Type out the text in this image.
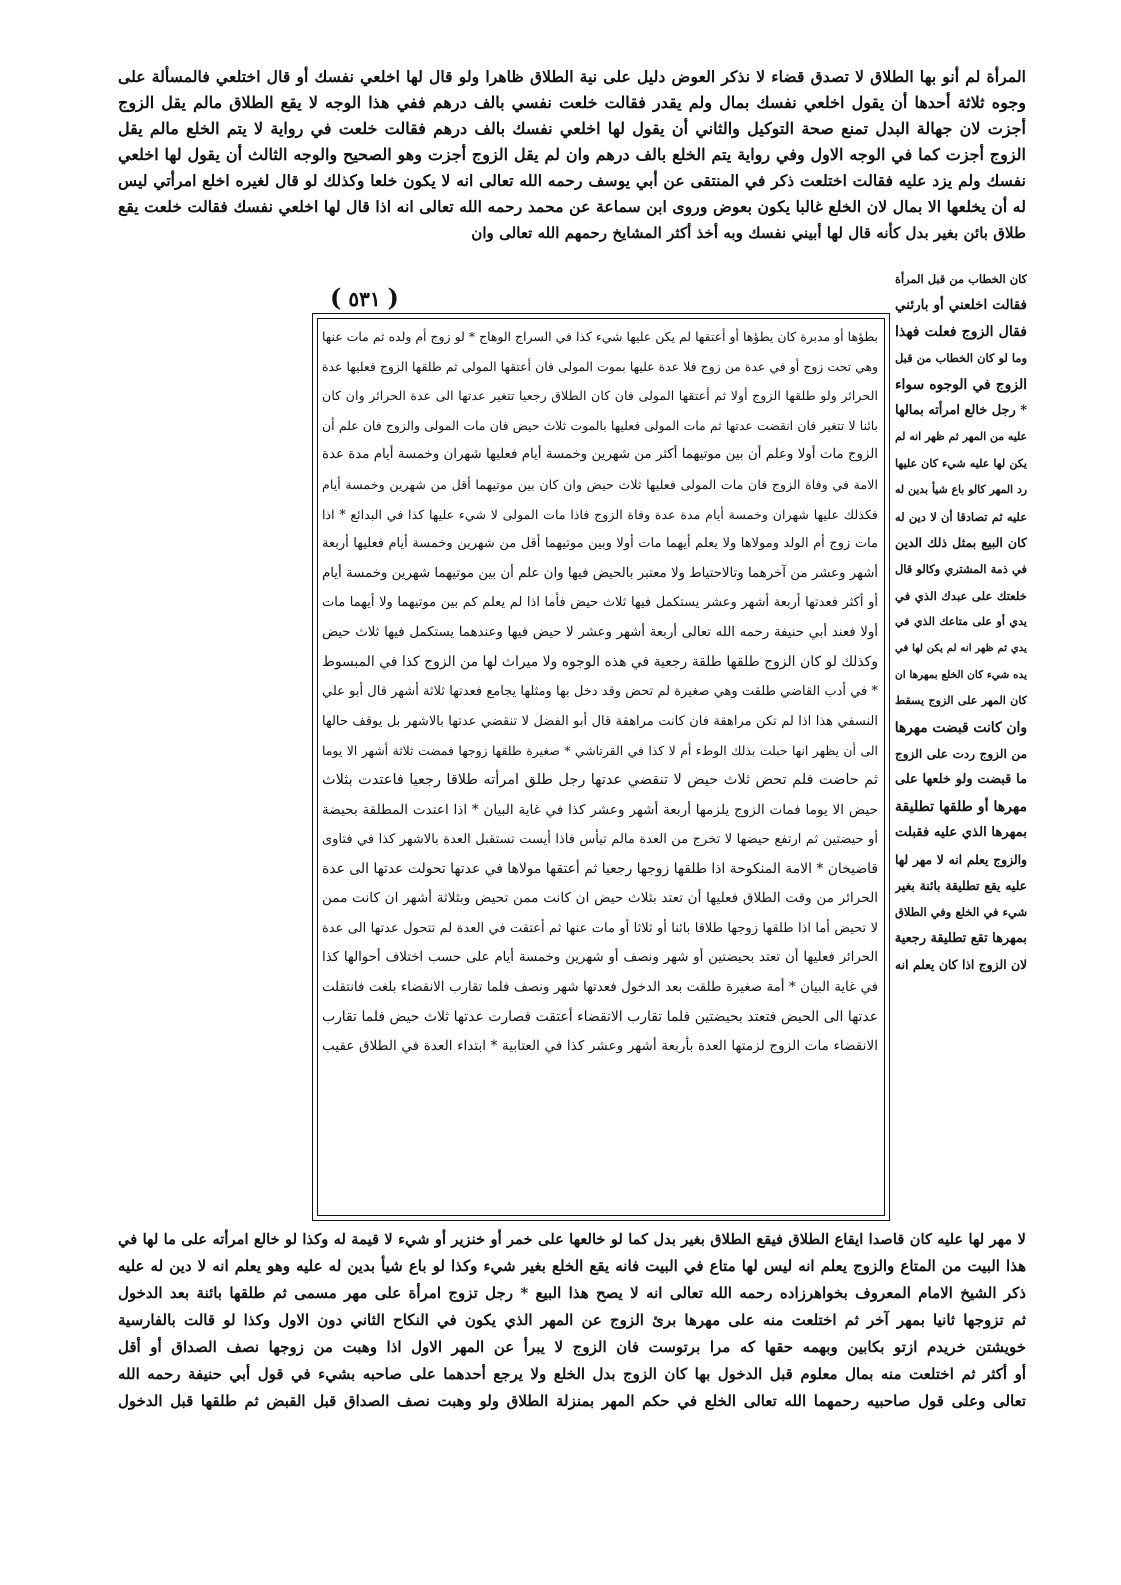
المرأة لم أنو بها الطلاق لا تصدق قضاء لا نذكر العوض دليل على نية الطلاق ظاهرا ولو قال لها اخلعي نفسك أو قال اختلعي فالمسألة على
وجوه ثلاثة أحدها أن يقول اخلعي نفسك بمال ولم يقدر فقالت خلعت نفسي بالف درهم ففي هذا الوجه لا يقع الطلاق مالم يقل الزوج
أجزت لان جهالة البدل تمنع صحة التوكيل والثاني أن يقول لها اخلعي نفسك بالف درهم فقالت خلعت في رواية لا يتم الخلع مالم يقل
الزوج أجزت كما في الوجه الاول وفي رواية يتم الخلع بالف درهم وان لم يقل الزوج أجزت وهو الصحيح والوجه الثالث أن يقول لها اخلعي
نفسك ولم يزد عليه فقالت اختلعت ذكر في المنتقى عن أبي يوسف رحمه الله تعالى انه لا يكون خلعا وكذلك لو قال لغيره اخلع امرأتي ليس
له أن يخلعها الا بمال لان الخلع غالبا يكون بعوض وروى ابن سماعة عن محمد رحمه الله تعالى انه اذا قال لها اخلعي نفسك فقالت خلعت يقع
طلاق بائن بغير بدل كأنه قال لها أبيني نفسك وبه أخذ أكثر المشايخ رحمهم الله تعالى وان
( ٥٣١ )
كان الخطاب من قبل المرأة
فقالت اخلعني أو بارئني
فقال الزوج فعلت فهذا
وما لو كان الخطاب من قبل
الزوج في الوجوه سواء
* رجل خالع امرأته بمالها
عليه من المهر ثم ظهر انه لم
يكن لها عليه شيء كان عليها
رد المهر كالو باع شيأ بدين له
عليه ثم تصادقا أن لا دين له
كان البيع بمثل ذلك الدين
في ذمة المشتري وكالو قال
خلعتك على عبدك الذي في
يدي أو على متاعك الذي في
يدي ثم ظهر انه لم يكن لها في
يده شيء كان الخلع بمهرها ان
كان المهر على الزوج يسقط
وان كانت قبضت مهرها
من الزوج ردت على الزوج
ما قبضت ولو خلعها على
مهرها أو طلقها تطليقة
بمهرها الذي عليه فقبلت
والزوج يعلم انه لا مهر لها
عليه يقع تطليقة بائنة بغير
شيء في الخلع وفي الطلاق
بمهرها تقع تطليقة رجعية
لان الزوج اذا كان يعلم انه
بطؤها أو مدبرة كان يطؤها أو أعتقها لم يكن عليها شيء كذا في السراج الوهاج * لو زوج أم ولده ثم مات عنها
وهي تحت زوج أو في عدة من زوج فلا عدة عليها بموت المولى فان أعتقها المولى ثم طلقها الزوج فعليها عدة
الحرائر ولو طلقها الزوج أولا ثم أعتقها المولى فان كان الطلاق رجعيا تتغير عدتها الى عدة الحرائر وان كان
بائنا لا تتغير فان انقضت عدتها ثم مات المولى فعليها بالموت ثلاث حيض فان مات المولى والزوج فان علم أن
الزوج مات أولا وعلم أن بين موتيهما أكثر من شهرين وخمسة أيام فعليها شهران وخمسة أيام مدة عدة
الامة في وفاة الزوج فان مات المولى فعليها ثلاث حيض وان كان بين موتيهما أقل من شهرين وخمسة أيام
فكذلك عليها شهران وخمسة أيام مدة عدة وفاة الزوج فاذا مات المولى لا شيء عليها كذا في البدائع * اذا
مات زوج أم الولد ومولاها ولا يعلم أيهما مات أولا وبين موتيهما أقل من شهرين وخمسة أيام فعليها أربعة
أشهر وعشر من آخرهما وتالاحتياط ولا معتبر بالحيض فيها وان علم أن بين موتيهما شهرين وخمسة أيام
أو أكثر فعدتها أربعة أشهر وعشر يستكمل فيها ثلاث حيض فأما اذا لم يعلم كم بين موتيهما ولا أيهما مات
أولا فعند أبي حنيفة رحمه الله تعالى أربعة أشهر وعشر لا حيض فيها وعندهما يستكمل فيها ثلاث حيض
وكذلك لو كان الزوج طلقها طلقة رجعية في هذه الوجوه ولا ميراث لها من الزوج كذا في المبسوط
* في أدب القاضي طلقت وهي صغيرة لم تحض وقد دخل بها ومثلها يجامع فعدتها ثلاثة أشهر قال أبو علي
النسفي هذا اذا لم تكن مراهقة فان كانت مراهقة قال أبو الفضل لا تنقضي عدتها بالاشهر بل يوقف حالها
الى أن يظهر انها حبلت بذلك الوطء أم لا كذا في القرتاشي * صغيرة طلقها زوجها فمضت ثلاثة أشهر الا يوما
ثم حاضت فلم تحض ثلاث حيض لا تنقضي عدتها رجل طلق امرأته طلاقا رجعيا فاعتدت بثلاث
حيض الا يوما فمات الزوج يلزمها أربعة أشهر وعشر كذا في غاية البيان * اذا اعتدت المطلقة بحيضة
أو حيضتين ثم ارتفع حيضها لا تخرج من العدة مالم تيأس فاذا أيست تستقبل العدة بالاشهر كذا في فتاوى
قاضيخان * الامة المنكوحة اذا طلقها زوجها رجعيا ثم أعتقها مولاها في عدتها تحولت عدتها الى عدة
الحرائر من وقت الطلاق فعليها أن تعتد بثلاث حيض ان كانت ممن تحيض وبثلاثة أشهر ان كانت ممن
لا تحيض أما اذا طلقها زوجها طلاقا بائنا أو ثلاثا أو مات عنها ثم أعتقت في العدة لم تتحول عدتها الى عدة
الحرائر فعليها أن تعتد بحيضتين أو شهر ونصف أو شهرين وخمسة أيام على حسب اختلاف أحوالها كذا
في غاية البيان * أمة صغيرة طلقت بعد الدخول فعدتها شهر ونصف فلما تقارب الانقضاء بلغت فانتقلت
عدتها الى الحيض فتعتد بحيضتين فلما تقارب الانقضاء أعتقت فصارت عدتها ثلاث حيض فلما تقارب
الانقضاء مات الزوج لزمتها العدة بأربعة أشهر وعشر كذا في العتابية * ابتداء العدة في الطلاق عقيب
لا مهر لها عليه كان قاصدا ايقاع الطلاق فيقع الطلاق بغير بدل كما لو خالعها على خمر أو خنزير أو شيء لا قيمة له وكذا لو خالع امرأته على ما لها في
هذا البيت من المتاع والزوج يعلم انه ليس لها متاع في البيت فانه يقع الخلع بغير شيء وكذا لو باع شيأ بدين له عليه وهو يعلم انه لا دين له عليه
ذكر الشيخ الامام المعروف بخواهرزاده رحمه الله تعالى انه لا يصح هذا البيع * رجل تزوج امرأة على مهر مسمى ثم طلقها بائنة بعد الدخول
ثم تزوجها ثانيا بمهر آخر ثم اختلعت منه على مهرها برئ الزوج عن المهر الذي يكون في النكاح الثاني دون الاول وكذا لو قالت بالفارسية
خويشتن خريدم ازتو بكابين وبهمه حقها كه مرا برتوست فان الزوج لا يبرأ عن المهر الاول اذا وهبت من زوجها نصف الصداق أو أقل
أو أكثر ثم اختلعت منه بمال معلوم قبل الدخول بها كان الزوج بدل الخلع ولا يرجع أحدهما على صاحبه بشيء في قول أبي حنيفة رحمه الله
تعالى وعلى قول صاحبيه رحمهما الله تعالى الخلع في حكم المهر بمنزلة الطلاق ولو وهبت نصف الصداق قبل القبض ثم طلقها قبل الدخول
